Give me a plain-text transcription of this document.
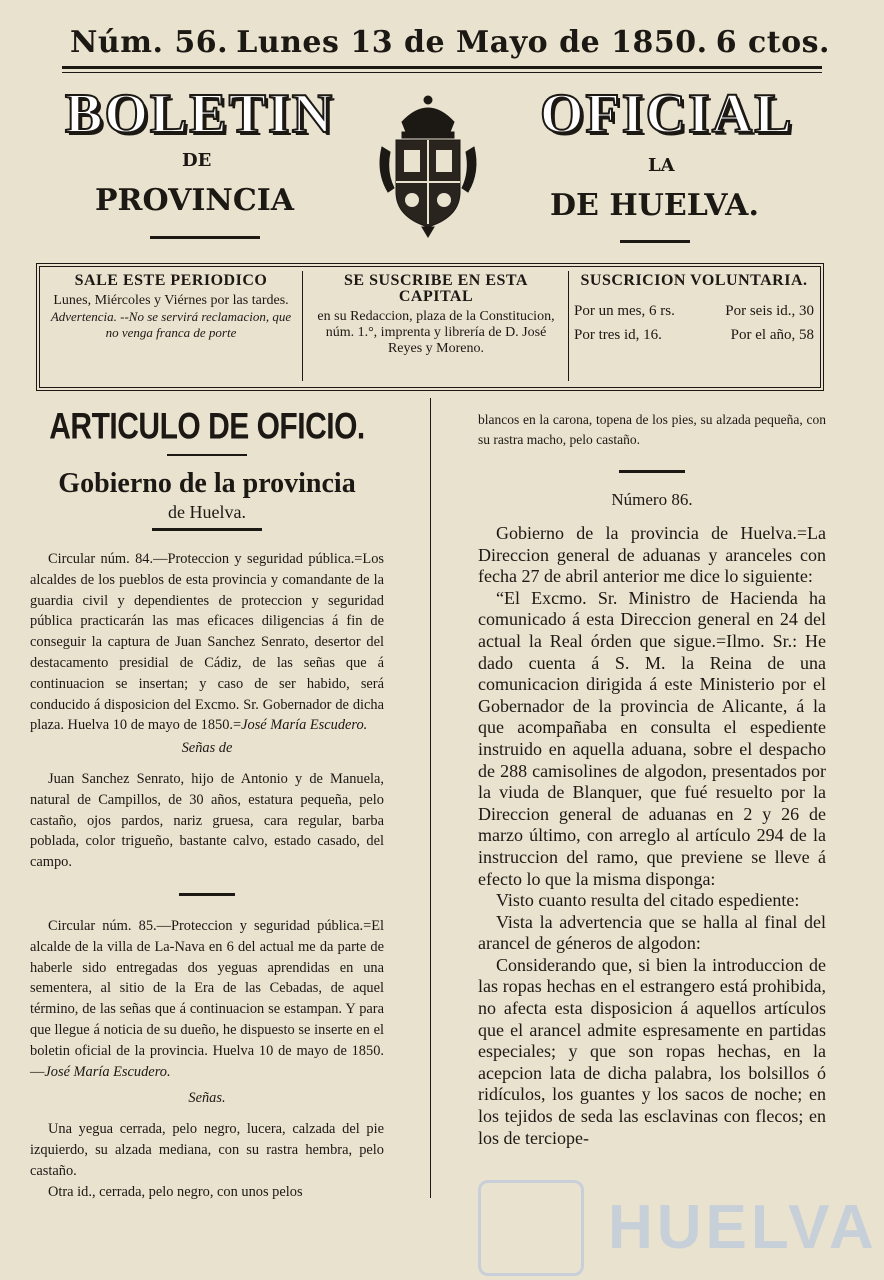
Núm. 56. Lunes 13 de Mayo de 1850. 6 ctos.
BOLETIN	OFICIAL
DE	LA
PROVINCIA	DE HUELVA.
SALE ESTE PERIODICO
Lunes, Miércoles y Viérnes por las tardes.
Advertencia. --No se servirá reclamacion, que no venga franca de porte
SE SUSCRIBE EN ESTA CAPITAL
en su Redaccion, plaza de la Constitucion, núm. 1.°, imprenta y librería de D. José Reyes y Moreno.
SUSCRICION VOLUNTARIA.
Por un mes, 6 rs.	Por seis id., 30
Por tres id, 16.	Por el año, 58
ARTICULO DE OFICIO.
Gobierno de la provincia
de Huelva.

Circular núm. 84.—Proteccion y seguridad pública.=Los alcaldes de los pueblos de esta provincia y comandante de la guardia civil y dependientes de proteccion y seguridad pública practicarán las mas eficaces diligencias á fin de conseguir la captura de Juan Sanchez Senrato, desertor del destacamento presidial de Cádiz, de las señas que á continuacion se insertan; y caso de ser habido, será conducido á disposicion del Excmo. Sr. Gobernador de dicha plaza. Huelva 10 de mayo de 1850.=José María Escudero.

Señas de

Juan Sanchez Senrato, hijo de Antonio y de Manuela, natural de Campillos, de 30 años, estatura pequeña, pelo castaño, ojos pardos, nariz gruesa, cara regular, barba poblada, color trigueño, bastante calvo, estado casado, del campo.

Circular núm. 85.—Proteccion y seguridad pública.=El alcalde de la villa de La-Nava en 6 del actual me da parte de haberle sido entregadas dos yeguas aprendidas en una sementera, al sitio de la Era de las Cebadas, de aquel término, de las señas que á continuacion se estampan. Y para que llegue á noticia de su dueño, he dispuesto se inserte en el boletin oficial de la provincia. Huelva 10 de mayo de 1850.—José María Escudero.

Señas.

Una yegua cerrada, pelo negro, lucera, calzada del pie izquierdo, su alzada mediana, con su rastra hembra, pelo castaño.

Otra id., cerrada, pelo negro, con unos pelos

blancos en la carona, topena de los pies, su alzada pequeña, con su rastra macho, pelo castaño.

Número 86.

Gobierno de la provincia de Huelva.=La Direccion general de aduanas y aranceles con fecha 27 de abril anterior me dice lo siguiente:

“El Excmo. Sr. Ministro de Hacienda ha comunicado á esta Direccion general en 24 del actual la Real órden que sigue.=Ilmo. Sr.: He dado cuenta á S. M. la Reina de una comunicacion dirigida á este Ministerio por el Gobernador de la provincia de Alicante, á la que acompañaba en consulta el espediente instruido en aquella aduana, sobre el despacho de 288 camisolines de algodon, presentados por la viuda de Blanquer, que fué resuelto por la Direccion general de aduanas en 2 y 26 de marzo último, con arreglo al artículo 294 de la instruccion del ramo, que previene se lleve á efecto lo que la misma disponga:

Visto cuanto resulta del citado espediente:

Vista la advertencia que se halla al final del arancel de géneros de algodon:

Considerando que, si bien la introduccion de las ropas hechas en el estrangero está prohibida, no afecta esta disposicion á aquellos artículos que el arancel admite espresamente en partidas especiales; y que son ropas hechas, en la acepcion lata de dicha palabra, los bolsillos ó ridículos, los guantes y los sacos de noche; en los tejidos de seda las esclavinas con flecos; en los de terciope-

HUELVA
